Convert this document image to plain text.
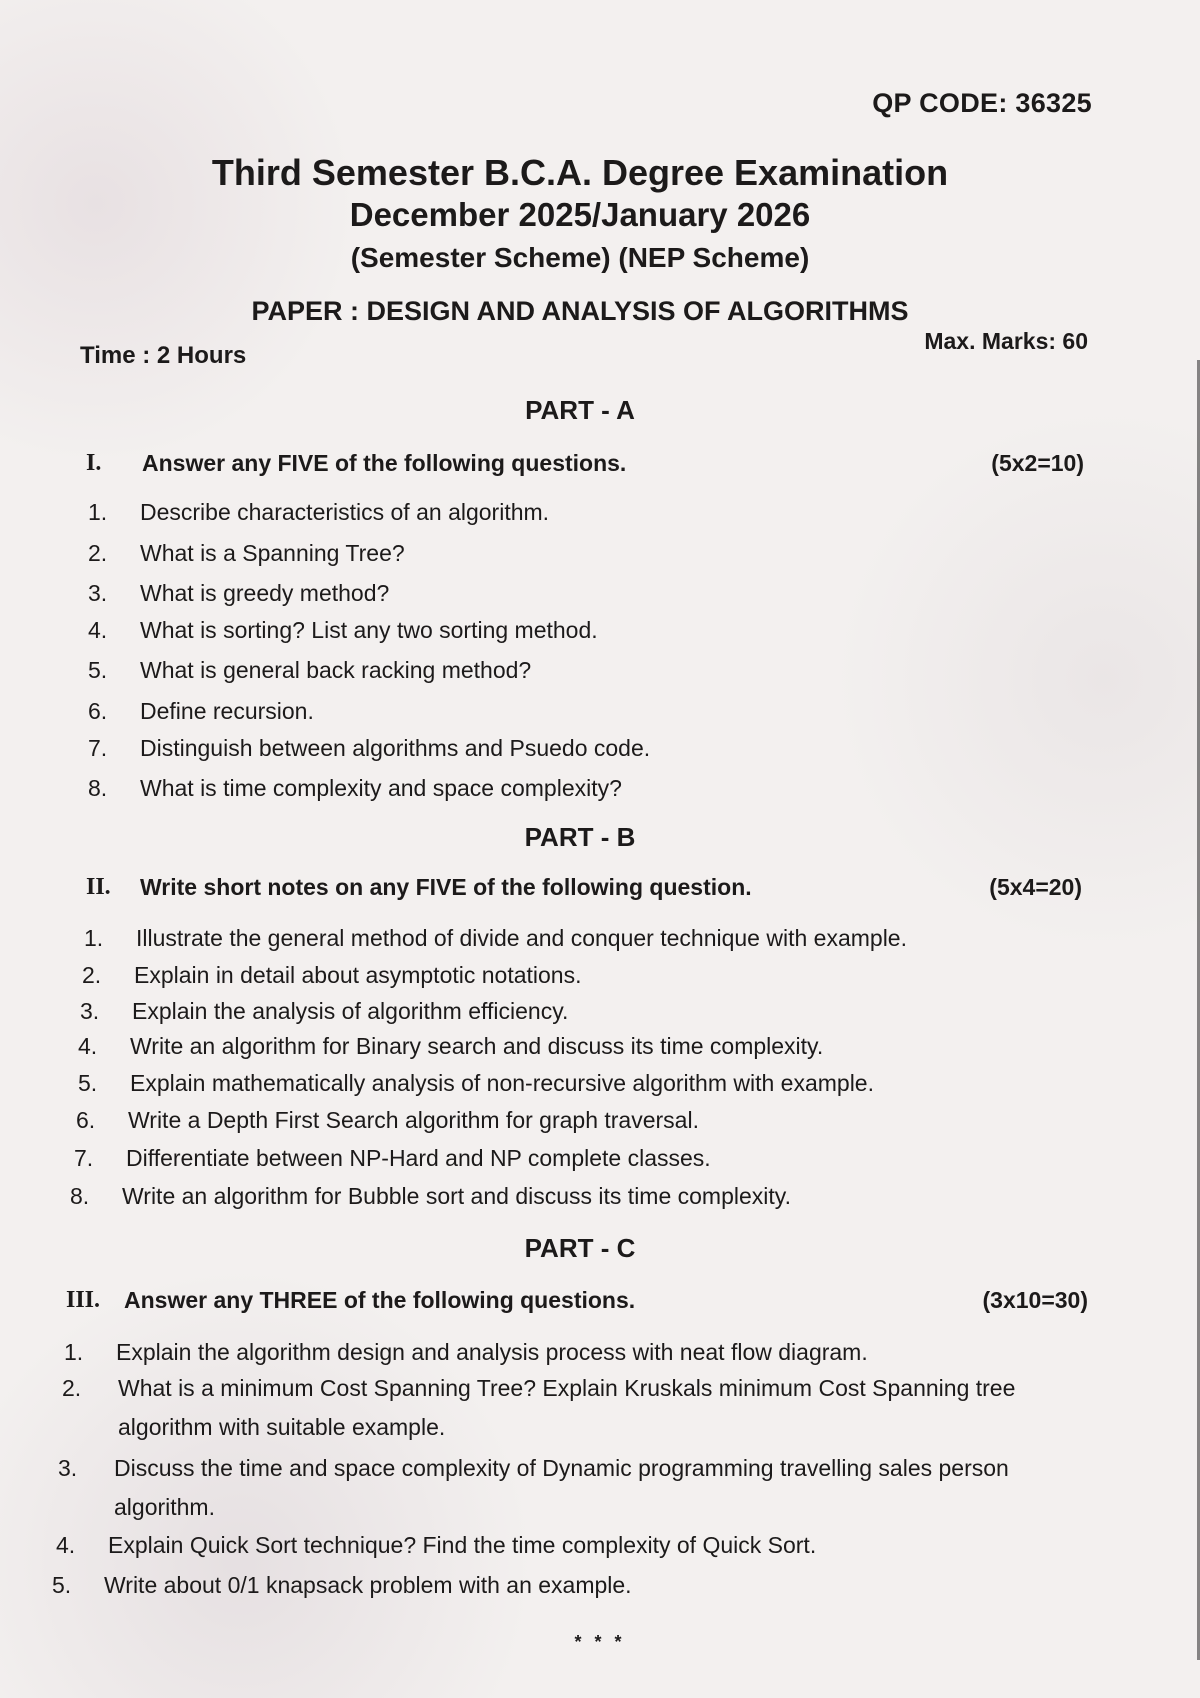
QP CODE: 36325
Third Semester B.C.A. Degree Examination
December 2025/January 2026
(Semester Scheme) (NEP Scheme)
PAPER : DESIGN AND ANALYSIS OF ALGORITHMS
Time : 2 Hours
Max. Marks: 60
PART - A
I. Answer any FIVE of the following questions.	(5x2=10)
1. Describe characteristics of an algorithm.
2. What is a Spanning Tree?
3. What is greedy method?
4. What is sorting? List any two sorting method.
5. What is general back racking method?
6. Define recursion.
7. Distinguish between algorithms and Psuedo code.
8. What is time complexity and space complexity?
PART - B
II. Write short notes on any FIVE of the following question.	(5x4=20)
1. Illustrate the general method of divide and conquer technique with example.
2. Explain in detail about asymptotic notations.
3. Explain the analysis of algorithm efficiency.
4. Write an algorithm for Binary search and discuss its time complexity.
5. Explain mathematically analysis of non-recursive algorithm with example.
6. Write a Depth First Search algorithm for graph traversal.
7. Differentiate between NP-Hard and NP complete classes.
8. Write an algorithm for Bubble sort and discuss its time complexity.
PART - C
III. Answer any THREE of the following questions.	(3x10=30)
1. Explain the algorithm design and analysis process with neat flow diagram.
2. What is a minimum Cost Spanning Tree? Explain Kruskals minimum Cost Spanning tree algorithm with suitable example.
3. Discuss the time and space complexity of Dynamic programming travelling sales person algorithm.
4. Explain Quick Sort technique? Find the time complexity of Quick Sort.
5. Write about 0/1 knapsack problem with an example.
* * *
